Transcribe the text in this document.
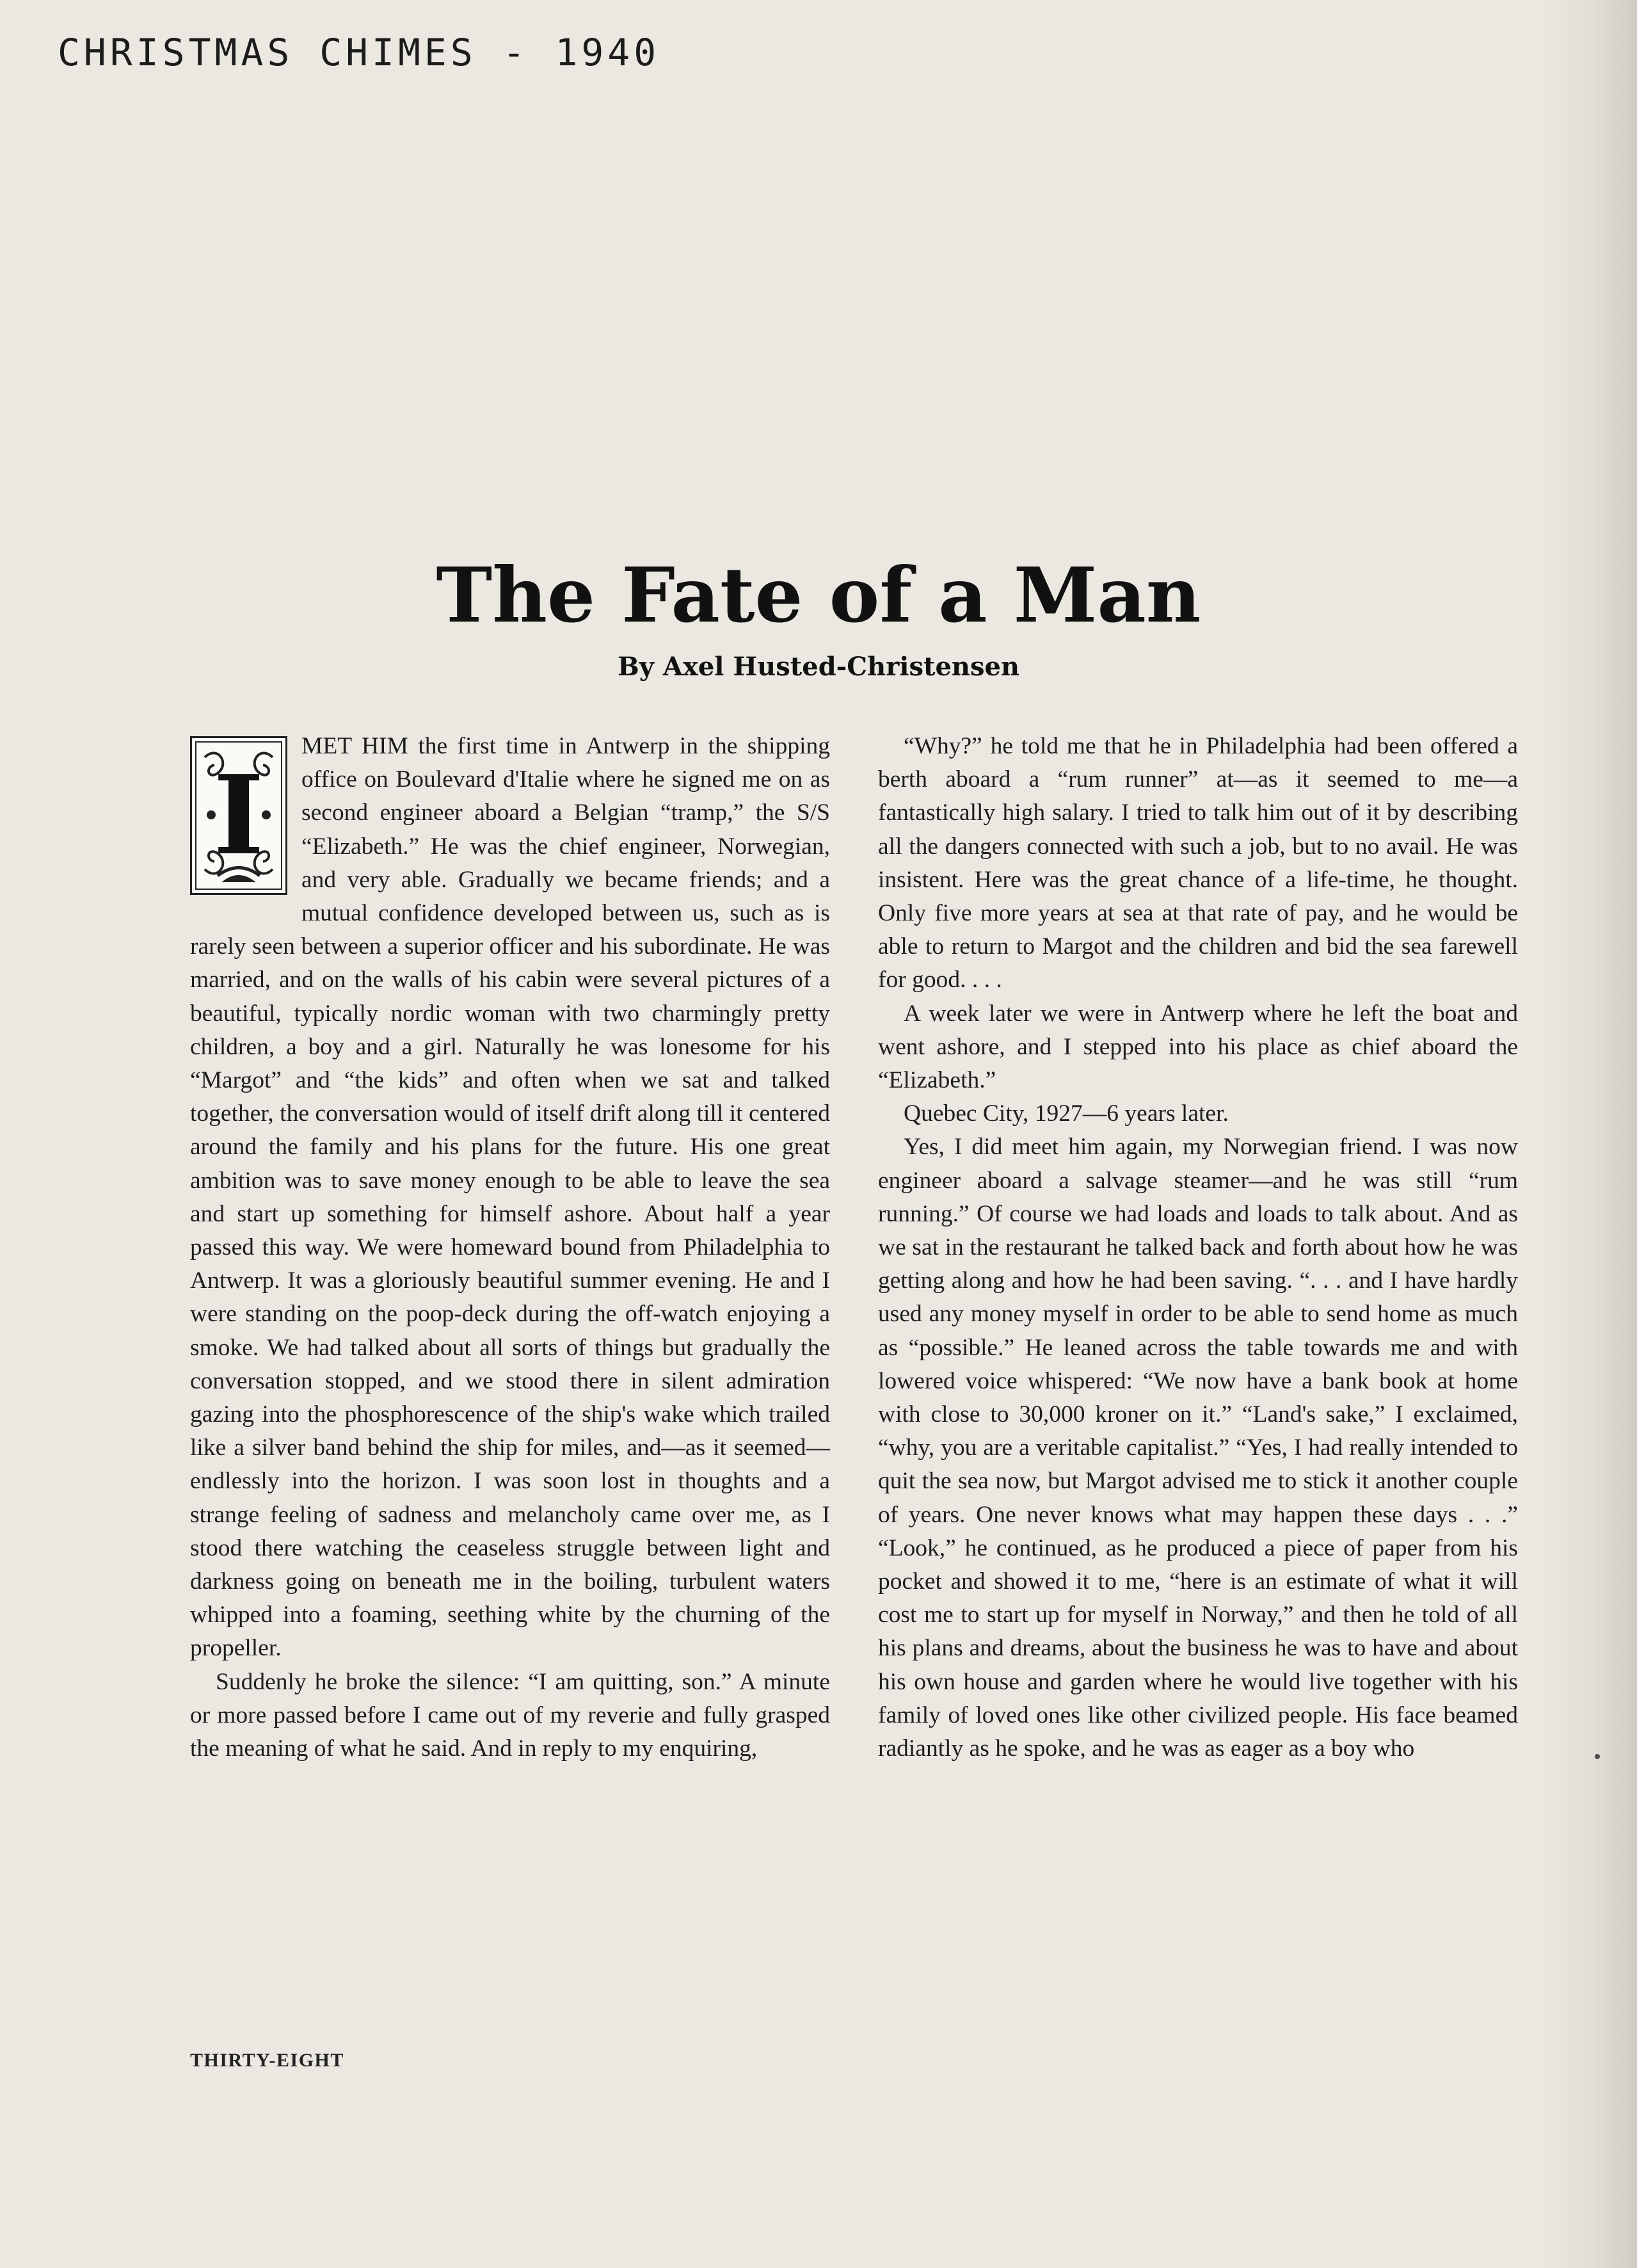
CHRISTMAS CHIMES - 1940
The Fate of a Man
By Axel Husted-Christensen
I

MET HIM the first time in Antwerp in the shipping office on Boulevard d'Italie where he signed me on as second engineer aboard a Belgian “tramp,” the S/S “Elizabeth.” He was the chief engineer, Norwegian, and very able. Gradually we became friends; and a mutual confidence developed between us, such as is rarely seen between a superior officer and his subordinate. He was married, and on the walls of his cabin were several pictures of a beautiful, typically nordic woman with two charmingly pretty children, a boy and a girl. Naturally he was lonesome for his “Margot” and “the kids” and often when we sat and talked together, the conversation would of itself drift along till it centered around the family and his plans for the future. His one great ambition was to save money enough to be able to leave the sea and start up something for himself ashore. About half a year passed this way. We were homeward bound from Philadelphia to Antwerp. It was a gloriously beautiful summer evening. He and I were standing on the poop-deck during the off-watch enjoying a smoke. We had talked about all sorts of things but gradually the conversation stopped, and we stood there in silent admiration gazing into the phosphorescence of the ship's wake which trailed like a silver band behind the ship for miles, and—as it seemed—endlessly into the horizon. I was soon lost in thoughts and a strange feeling of sadness and melancholy came over me, as I stood there watching the ceaseless struggle between light and darkness going on beneath me in the boiling, turbulent waters whipped into a foaming, seething white by the churning of the propeller.

Suddenly he broke the silence: “I am quitting, son.” A minute or more passed before I came out of my reverie and fully grasped the meaning of what he said. And in reply to my enquiring,

“Why?” he told me that he in Philadelphia had been offered a berth aboard a “rum runner” at—as it seemed to me—a fantastically high salary. I tried to talk him out of it by describing all the dangers connected with such a job, but to no avail. He was insistent. Here was the great chance of a life-time, he thought. Only five more years at sea at that rate of pay, and he would be able to return to Margot and the children and bid the sea farewell for good. . . .

A week later we were in Antwerp where he left the boat and went ashore, and I stepped into his place as chief aboard the “Elizabeth.”

Quebec City, 1927—6 years later.

Yes, I did meet him again, my Norwegian friend. I was now engineer aboard a salvage steamer—and he was still “rum running.” Of course we had loads and loads to talk about. And as we sat in the restaurant he talked back and forth about how he was getting along and how he had been saving. “. . . and I have hardly used any money myself in order to be able to send home as much as “possible.” He leaned across the table towards me and with lowered voice whispered: “We now have a bank book at home with close to 30,000 kroner on it.” “Land's sake,” I exclaimed, “why, you are a veritable capitalist.” “Yes, I had really intended to quit the sea now, but Margot advised me to stick it another couple of years. One never knows what may happen these days . . .” “Look,” he continued, as he produced a piece of paper from his pocket and showed it to me, “here is an estimate of what it will cost me to start up for myself in Norway,” and then he told of all his plans and dreams, about the business he was to have and about his own house and garden where he would live together with his family of loved ones like other civilized people. His face beamed radiantly as he spoke, and he was as eager as a boy who

THIRTY-EIGHT
